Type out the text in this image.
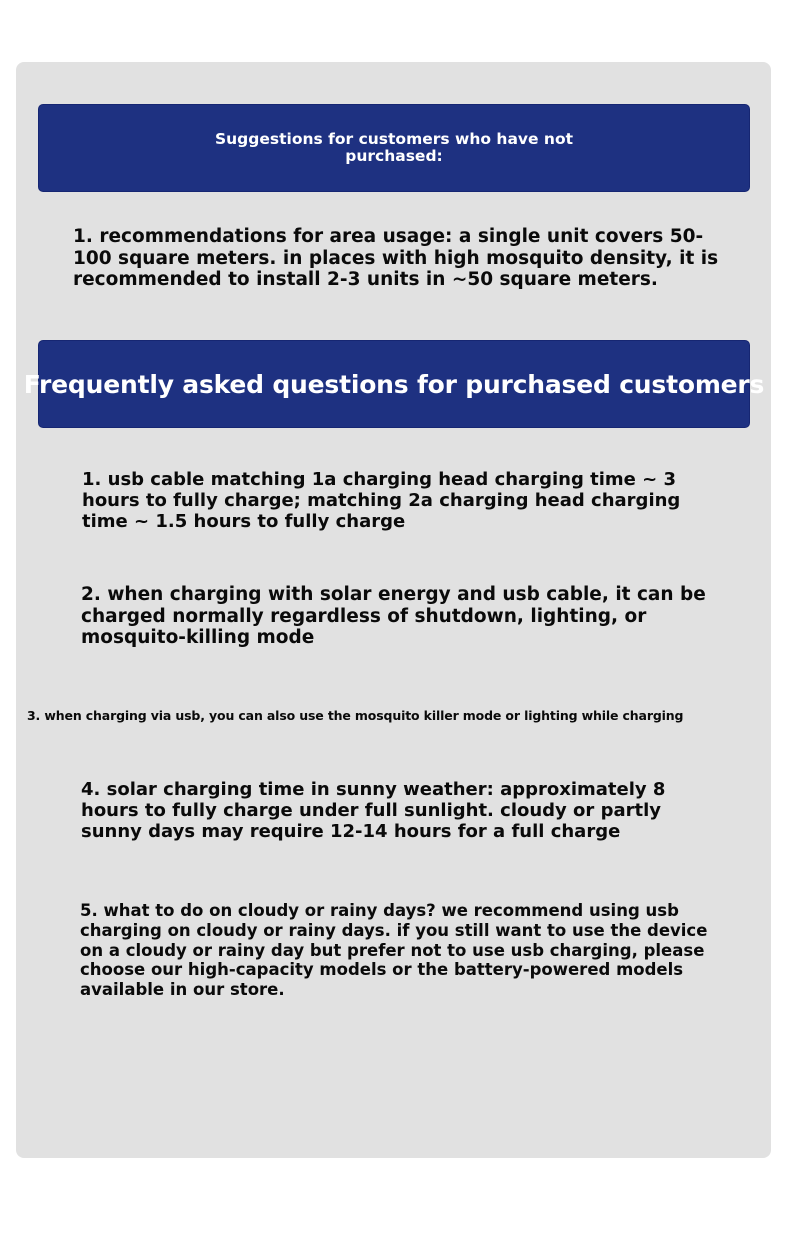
Suggestions for customers who have not purchased:

1. recommendations for area usage: a single unit covers 50-100 square meters. in places with high mosquito density, it is recommended to install 2-3 units in ~50 square meters.

Frequently asked questions for purchased customers

1. usb cable matching 1a charging head charging time ~ 3 hours to fully charge; matching 2a charging head charging time ~ 1.5 hours to fully charge

2. when charging with solar energy and usb cable, it can be charged normally regardless of shutdown, lighting, or mosquito-killing mode

3. when charging via usb, you can also use the mosquito killer mode or lighting while charging

4. solar charging time in sunny weather: approximately 8 hours to fully charge under full sunlight. cloudy or partly sunny days may require 12-14 hours for a full charge

5. what to do on cloudy or rainy days? we recommend using usb charging on cloudy or rainy days. if you still want to use the device on a cloudy or rainy day but prefer not to use usb charging, please choose our high-capacity models or the battery-powered models available in our store.
